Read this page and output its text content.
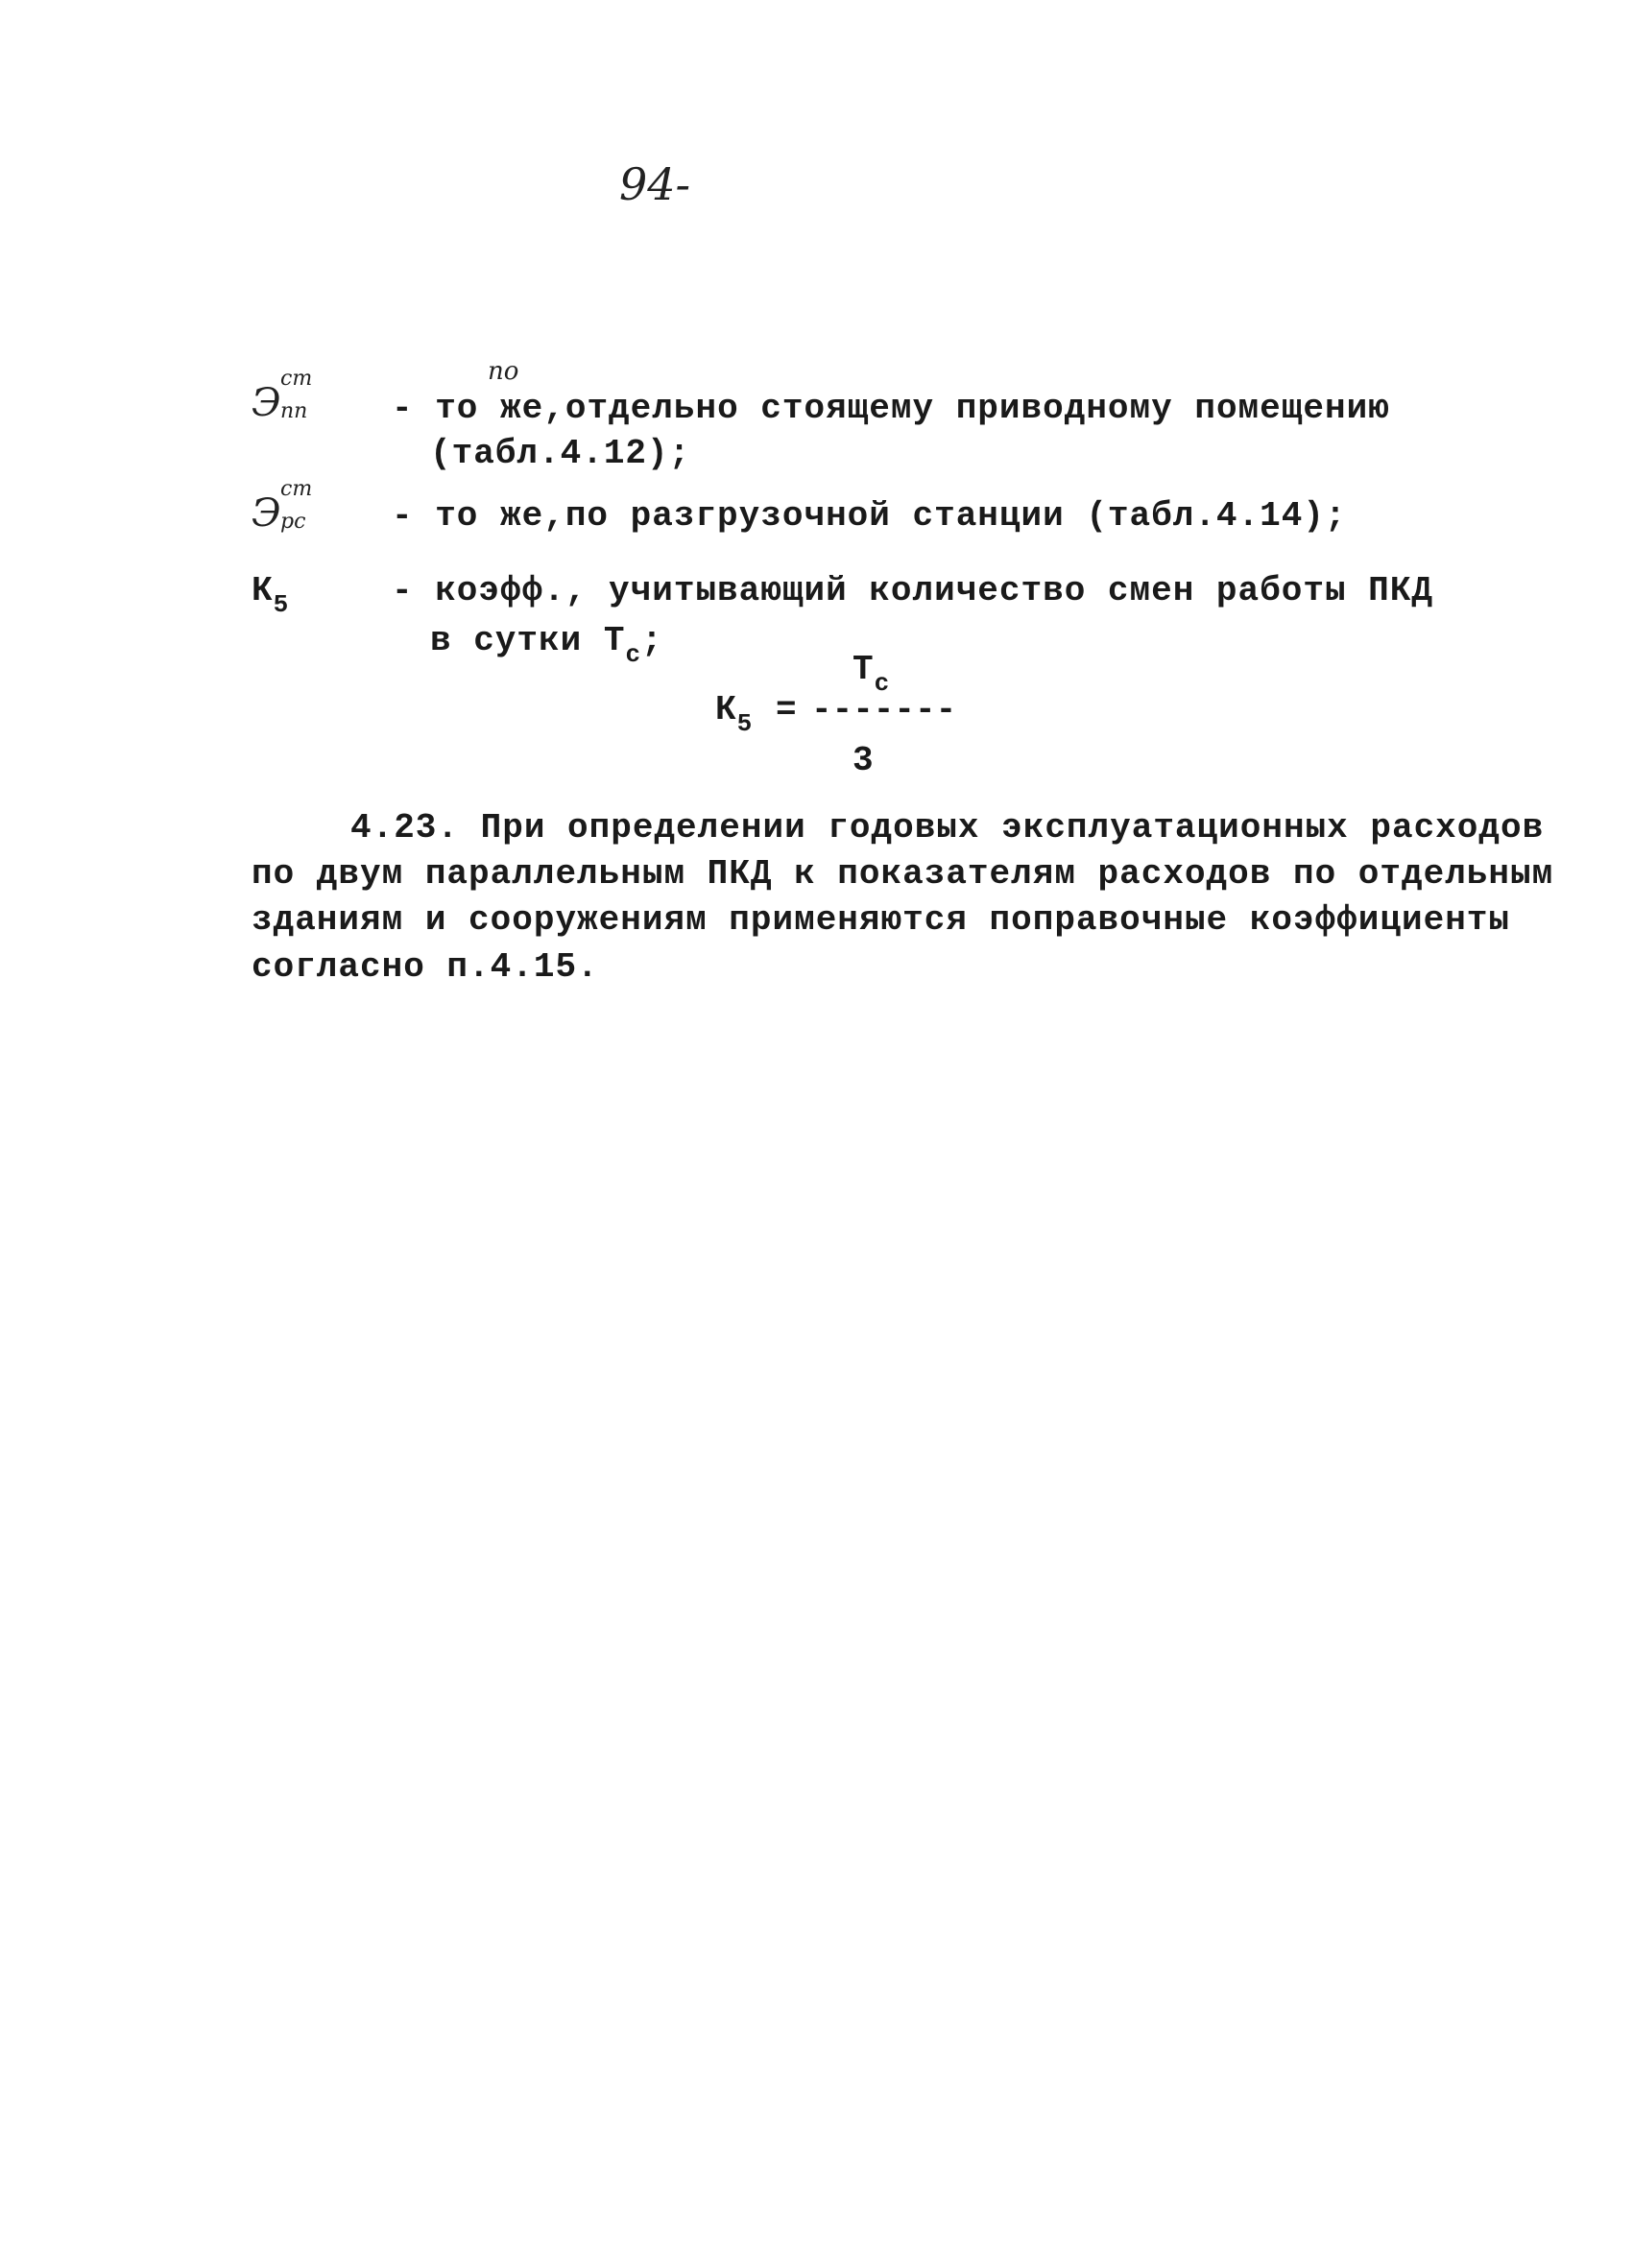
94-
Э
ст
пп
по
- то же,отдельно стоящему приводному помещению
(табл.4.12);
Э
ст
рс - то же,по разгрузочной станции (табл.4.14);
$К_5$	- коэфф., учитывающий количество смен работы ПКД
в сутки $Т_с$;
$Т_с$
$К_5$ = -------
3
4.23. При определении годовых эксплуатационных расходов
по двум параллельным ПКД к показателям расходов по отдельным
зданиям и сооружениям применяются поправочные коэффициенты
согласно п.4.15.
